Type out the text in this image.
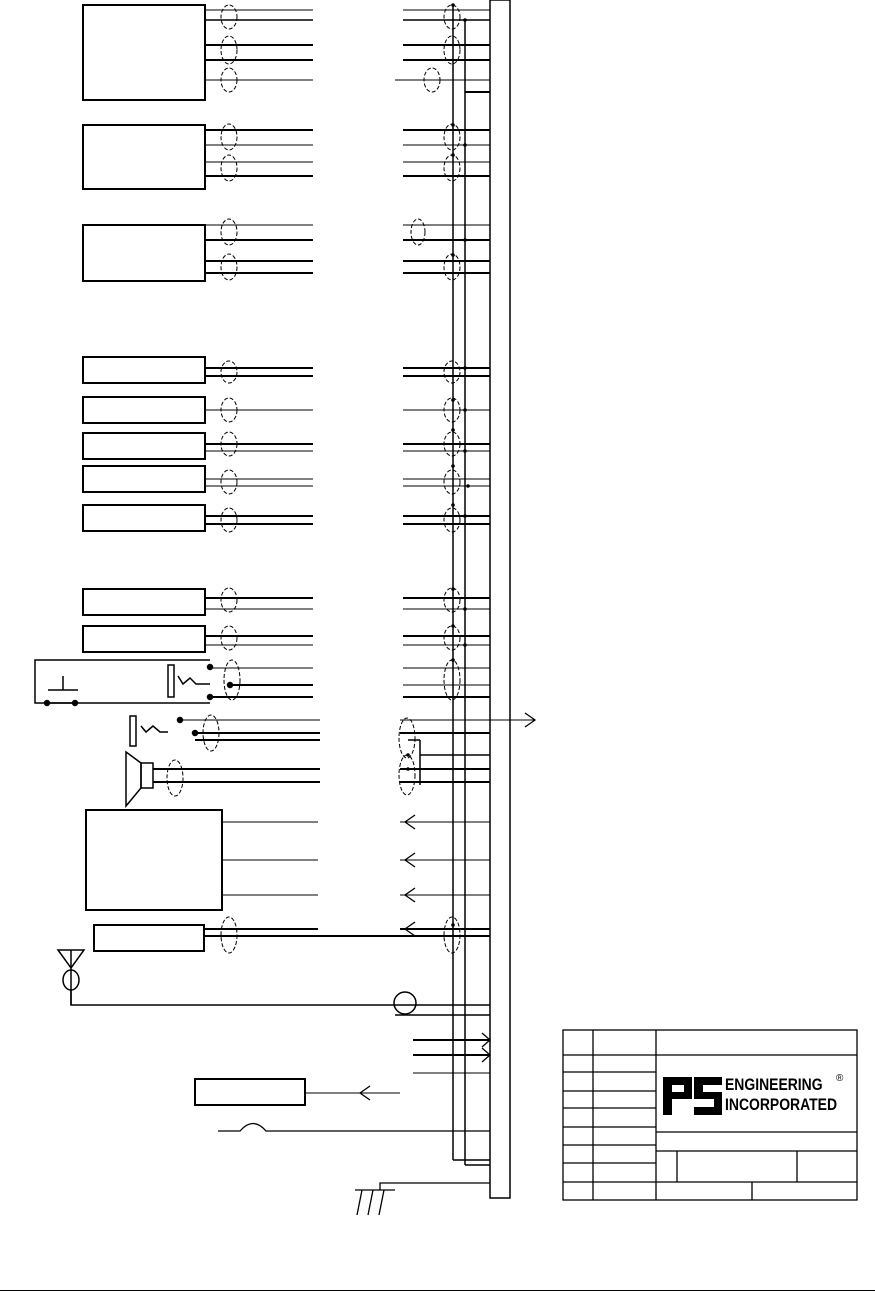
ENGINEERING
INCORPORATED
®
